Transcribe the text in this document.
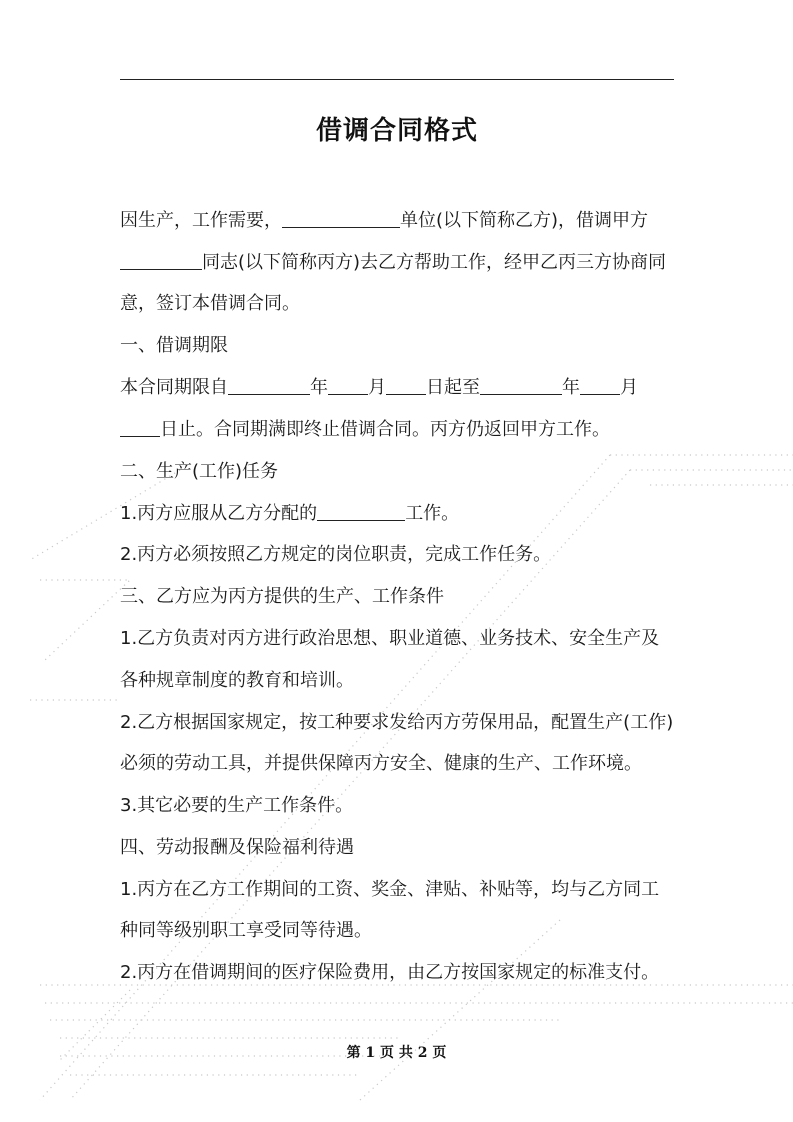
借调合同格式
因生产，工作需要，	单位(以下简称乙方)，借调甲方
同志(以下简称丙方)去乙方帮助工作，经甲乙丙三方协商同
意，签订本借调合同。
一、借调期限
本合同期限自	年 月 日起至	年 月
日止。合同期满即终止借调合同。丙方仍返回甲方工作。
二、生产(工作)任务
1.丙方应服从乙方分配的	工作。
2.丙方必须按照乙方规定的岗位职责，完成工作任务。
三、乙方应为丙方提供的生产、工作条件
1.乙方负责对丙方进行政治思想、职业道德、业务技术、安全生产及
各种规章制度的教育和培训。
2.乙方根据国家规定，按工种要求发给丙方劳保用品，配置生产(工作)
必须的劳动工具，并提供保障丙方安全、健康的生产、工作环境。
3.其它必要的生产工作条件。
四、劳动报酬及保险福利待遇
1.丙方在乙方工作期间的工资、奖金、津贴、补贴等，均与乙方同工
种同等级别职工享受同等待遇。
2.丙方在借调期间的医疗保险费用，由乙方按国家规定的标准支付。
第 1 页 共 2 页
